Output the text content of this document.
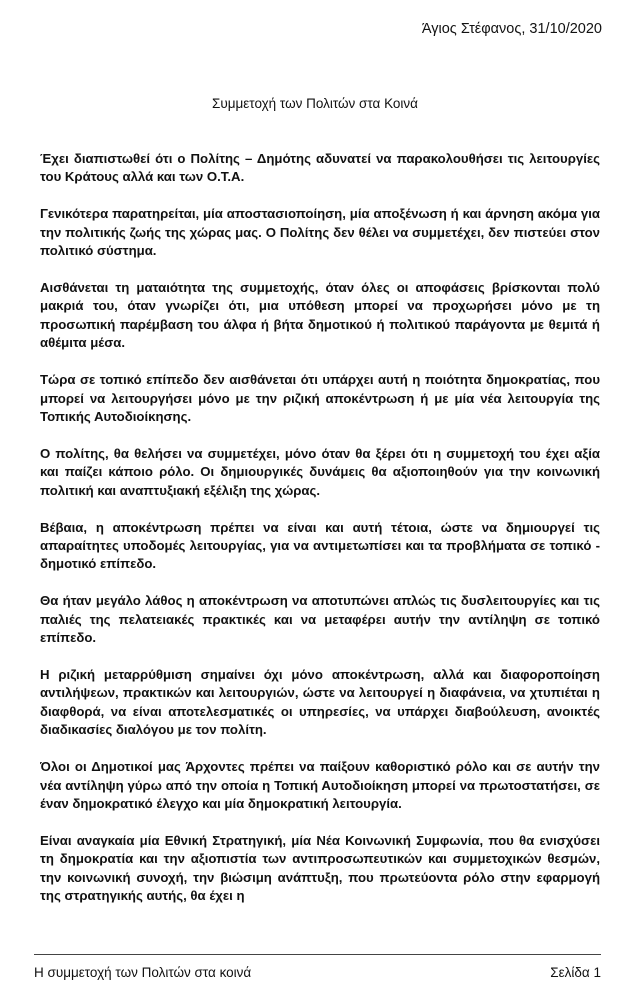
Άγιος Στέφανος, 31/10/2020
Συμμετοχή των Πολιτών στα Κοινά

Έχει διαπιστωθεί ότι ο Πολίτης – Δημότης αδυνατεί να παρακολουθήσει τις λειτουργίες του Κράτους αλλά και των Ο.Τ.Α.

Γενικότερα παρατηρείται, μία αποστασιοποίηση, μία αποξένωση ή και άρνηση ακόμα για την πολιτικής ζωής της χώρας μας. Ο Πολίτης δεν θέλει να συμμετέχει, δεν πιστεύει στον πολιτικό σύστημα.

Αισθάνεται τη ματαιότητα της συμμετοχής, όταν όλες οι αποφάσεις βρίσκονται πολύ μακριά του, όταν γνωρίζει ότι, μια υπόθεση μπορεί να προχωρήσει μόνο με τη προσωπική παρέμβαση του άλφα ή βήτα δημοτικού ή πολιτικού παράγοντα με θεμιτά ή αθέμιτα μέσα.

Τώρα σε τοπικό επίπεδο δεν αισθάνεται ότι υπάρχει αυτή η ποιότητα δημοκρατίας, που μπορεί να λειτουργήσει μόνο με την ριζική αποκέντρωση ή με μία νέα λειτουργία της Τοπικής Αυτοδιοίκησης.

Ο πολίτης, θα θελήσει να συμμετέχει, μόνο όταν θα ξέρει ότι η συμμετοχή του έχει αξία και παίζει κάποιο ρόλο. Οι δημιουργικές δυνάμεις θα αξιοποιηθούν για την κοινωνική πολιτική και αναπτυξιακή εξέλιξη της χώρας.

Βέβαια, η αποκέντρωση πρέπει να είναι και αυτή τέτοια, ώστε να δημιουργεί τις απαραίτητες υποδομές λειτουργίας, για να αντιμετωπίσει και τα προβλήματα σε τοπικό - δημοτικό επίπεδο.

Θα ήταν μεγάλο λάθος η αποκέντρωση να αποτυπώνει απλώς τις δυσλειτουργίες και τις παλιές της πελατειακές πρακτικές και να μεταφέρει αυτήν την αντίληψη σε τοπικό επίπεδο.

Η ριζική μεταρρύθμιση σημαίνει όχι μόνο αποκέντρωση, αλλά και διαφοροποίηση αντιλήψεων, πρακτικών και λειτουργιών, ώστε να λειτουργεί η διαφάνεια, να χτυπιέται η διαφθορά, να είναι αποτελεσματικές οι υπηρεσίες, να υπάρχει διαβούλευση, ανοικτές διαδικασίες διαλόγου με τον πολίτη.

Όλοι οι Δημοτικοί μας Άρχοντες πρέπει να παίξουν καθοριστικό ρόλο και σε αυτήν την νέα αντίληψη γύρω από την οποία η Τοπική Αυτοδιοίκηση μπορεί να πρωτοστατήσει, σε έναν δημοκρατικό έλεγχο και μία δημοκρατική λειτουργία.

Είναι αναγκαία μία Εθνική Στρατηγική, μία Νέα Κοινωνική Συμφωνία, που θα ενισχύσει τη δημοκρατία και την αξιοπιστία των αντιπροσωπευτικών και συμμετοχικών θεσμών, την κοινωνική συνοχή, την βιώσιμη ανάπτυξη, που πρωτεύοντα ρόλο στην εφαρμογή της στρατηγικής αυτής, θα έχει η

Η συμμετοχή των Πολιτών στα κοινά	Σελίδα 1
